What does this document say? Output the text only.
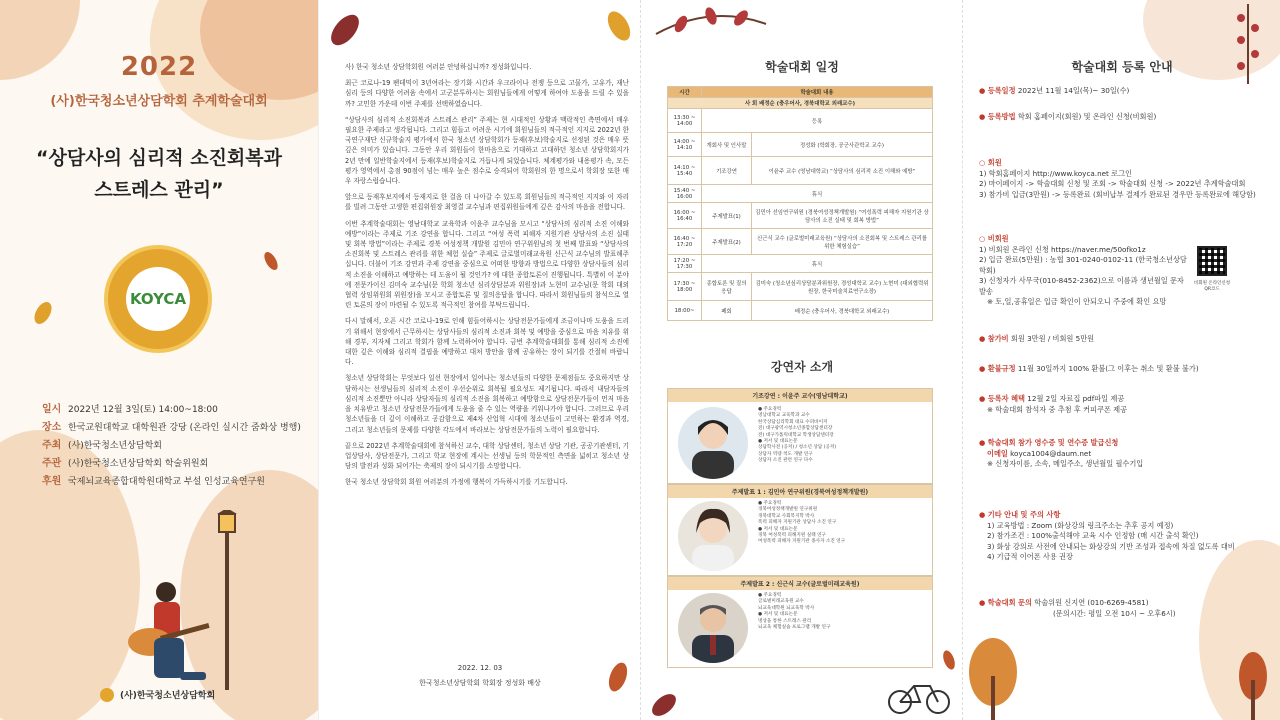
2022
(사)한국청소년상담학회 추계학술대회
“상담사의 심리적 소진회복과
스트레스 관리”
KOYCA
일시 2022년 12월 3일(토) 14:00~18:00
장소 한국교원대학교 대학원관 강당 (온라인 실시간 줌화상 병행)
주최 (사)한국청소년상담학회
주관 (사)한국청소년상담학회 학술위원회
후원 국제뇌교육종합대학원대학교 부설 인성교육연구원
(사)한국청소년상담학회

사) 한국 청소년 상담학회원 여러분 안녕하십니까? 정성화입니다.

최근 코로나-19 팬데믹이 3년여라는 장기화 시간과 우크라이나 전쟁 등으로 고물가, 고유가, 재난 심리 등의 다양한 어려움 속에서 고군분투하시는 회원님들에게 어떻게 하여야 도움을 드릴 수 있을까? 고민한 가운데 이번 주제를 선택하였습니다.

“상담사의 심리적 소진회복과 스트레스 관리” 주제는 현 시대적인 상황과 맥락적인 측면에서 매우 필요한 주제라고 생각됩니다. 그리고 힘들고 어려운 시기에 회원님들의 적극적인 지지로 2022년 한국연구재단 신규학술지 평가에서 한국 청소년 상담학회가 등재(후보)학술지로 선정된 것은 매우 뜻깊은 의미가 있습니다. 그동안 우리 회원들이 한마음으로 기대하고 고대하던 청소년 상담학회지가 2년 만에 일반학술지에서 등재(후보)학술지로 거듭나게 되었습니다. 체계평가와 내용평가 속, 모든 평가 영역에서 총점 90점이 넘는 매우 높은 점수로 승격되어 학회원의 한 명으로서 학회장 또한 매우 자랑스럽습니다.

앞으로 등재후보지에서 등재지로 한 걸음 더 나아갈 수 있도록 회원님들의 적극적인 지지와 이 자리를 빌려 그동안 고생한 편집위원장 최영결 교수님과 편집위원들에게 깊은 감사의 마음을 전합니다.

이번 추계학술대회는 영남대학교 교육학과 이윤주 교수님을 모시고 “상담사의 심리적 소진 이해와 예방”이라는 주제로 기조 강연을 합니다. 그리고 “여성 폭력 피해자 지원기관 상담사의 소진 실태 및 회복 방법”이라는 주제로 경북 여성정책 개발원 김민아 연구위원님의 첫 번째 발표와 “상담사의 소진회복 및 스트레스 관리를 위한 체험 실습” 주제로 글로벌미래교육원 신근식 교수님의 발표해주십니다. 더불어 기조 강연과 주제 강연을 중심으로 어떠한 방향과 방법으로 다양한 상담사들의 심리적 소진을 이해하고 예방하는 데 도움이 될 것인가? 에 대한 종합토론이 진행됩니다. 특별히 이 분야에 전문가이신 김미숙 교수님(문 학회 청소년 심리상담분과 위원장)과 노현미 교수님(문 학회 대외협력 상임위원회 위원장)을 모시고 종합토론 및 질의응답을 합니다. 따라서 회원님들의 참석으로 열린 토론의 장이 마련될 수 있도록 적극적인 참여를 부탁드립니다.

다시 말해서, 오픈 시간 코로나-19로 인해 힘들어하시는 상담전문가들에게 조금이나마 도움을 드리기 위해서 현장에서 근무하시는 상담사들의 심리적 소진과 회복 및 예방을 중심으로 마음 치유를 위해 경부, 지자체 그리고 학회가 함께 노력하여야 합니다. 금번 추계학술대회를 통해 심리적 소진에 대한 깊은 이해와 심리적 결핍을 예방하고 대처 방안을 함께 공유하는 장이 되기를 간절히 바랍니다.

청소년 상담학회는 무엇보다 일선 현장에서 일어나는 청소년들의 다양한 문제점들도 중요하지만 상담하시는 선생님들의 심리적 소진이 우선순위로 회복될 필요성도 제기됩니다. 따라서 내담자들의 심리적 소진뿐만 아니라 상담자들의 심리적 소진을 회복하고 예방함으로 상담전문가들이 먼저 마음을 치유받고 청소년 상담전문가들에게 도움을 줄 수 있는 역량을 키워나가야 합니다. 그러므로 우리 청소년들을 더 깊이 이해하고 공감함으로 제4차 산업혁 시대에 청소년들이 고민하는 환경과 역경, 그리고 청소년들의 문제를 다양한 각도에서 바라보는 상담전문가들의 노력이 필요합니다.

끝으로 2022년 추계학술대회에 참석하신 교수, 대학 상담센터, 청소년 상담 기관, 공공기관센터, 기업상담사, 상담전문가, 그리고 학교 현장에 계시는 선생님 등의 학문적인 측면을 넓히고 청소년 상담의 발전과 성화 되어가는 축제의 장이 되시기를 소망합니다.

한국 청소년 상담학회 회원 여러분의 가정에 행복이 가득하시기를 기도합니다.

2022. 12. 03
한국청소년상담학회 학회장 정성화 배상
학술대회 일정
시간	학술대회 내용	
사 회 배정순 (충우어사, 경북대학교 외래교수)		
13:30 ~ 14:00	등록	
14:00 ~ 14:10	개회사 및 인사말	정성화 (학회장, 공군사관학교 교수)
14:10 ~ 15:40	기조강연	이윤주 교수 (영남대학교) “상담사의 심리적 소진 이해와 예방”
15:40 ~ 16:00	휴식	
16:00 ~ 16:40	주제발표(1)	김민아 선임연구위원 (경북여성정책개발원) “여성폭력 피해자 지원기관 상담사의 소진 실태 및 회복 방법”
16:40 ~ 17:20	주제발표(2)	신근식 교수 (글로벌미래교육원) “상담사의 소진회복 및 스트레스 관리를 위한 체험실습”
17:20 ~ 17:30	휴식	
17:30 ~ 18:00	종합토론 및 질의응답	김미숙 (청소년심리상담분과위원장, 경성대학교 교수) 노현미 (대외협력위원장, 한국미술치료연구소장)
18:00~	폐회	배정순 (충우어사, 경북대학교 외래교수)
강연자 소개
기조강연 : 이윤주 교수(영남대학교)
● 주요경력
영남대학교 교육학과 교수
한국상담심리학회 대표 수퍼바이저
전) 대구광역시청소년종합상담센터장
전) 대구가톨릭대학교 학생상담센터장
● 저서 및 대표논문
상담학사전 (공저) / 청소년 상담 (공저)
상담자 역량 척도 개발 연구
상담자 소진 관련 연구 다수
주제발표 1 : 김민아 연구위원(경북여성정책개발원)
● 주요경력
경북여성정책개발원 연구위원
경북대학교 사회복지학 박사
폭력 피해자 지원기관 상담사 소진 연구
● 저서 및 대표논문
경북 여성폭력 피해지원 실태 연구
여성폭력 피해자 지원기관 종사자 소진 연구
주제발표 2 : 신근식 교수(글로벌미래교육원)
● 주요경력
글로벌미래교육원 교수
뇌교육대학원 뇌교육학 박사
● 저서 및 대표논문
명상을 통한 스트레스 관리
뇌교육 체험실습 프로그램 개발 연구
학술대회 등록 안내
● 등록일정 2022년 11월 14일(목)~ 30일(수)
● 등록방법 학회 홈페이지(회원) 및 온라인 신청(비회원)
○ 회원
1) 학회홈페이지 http://www.koyca.net 로그인
2) 마이페이지 -> 학술대회 신청 및 조회 -> 학술대회 신청 -> 2022년 추계학술대회
3) 참가비 입금(3만원) -> 등록완료 (회비납부 결제가 완료된 경우만 등록완료에 해당함)
○ 비회원
1) 비회원 온라인 신청 https://naver.me/50ofko1z
2) 입금 완료(5만원) : 농협 301-0240-0102-11 (한국청소년상담학회)
3) 신청자가 사무국(010-8452-2362)으로 이름과 생년월일 문자 발송
※ 토,일,공휴일은 입금 확인이 안되오니 주중에 확인 요망
비회원 온라인신청 QR코드
● 참가비 회원 3만원 / 비회원 5만원
● 환불규정 11월 30일까지 100% 환불(그 이후는 취소 및 환불 불가)
● 등록자 혜택 12월 2일 자료집 pdf파일 제공
※ 학술대회 참석자 중 추첨 후 커피쿠폰 제공
● 학술대회 참가 영수증 및 연수증 발급신청
이메일 koyca1004@daum.net
※ 신청자이름, 소속, 메일주소, 생년월일 필수기입
● 기타 안내 및 주의 사항
1) 교육방법 : Zoom (화상강의 링크주소는 추후 공지 예정)
2) 참가조건 : 100%출석해야 교육 시수 인정함 (매 시간 출석 확인)
3) 화상 강의로 사전에 안내되는 화상강의 기반 조성과 접속에 차질 없도록 대비
4) 기급적 이어폰 사용 권장
● 학술대회 문의 학술위원 신지연 (010-6269-4581)
(문의시간: 평일 오전 10시 ~ 오후6시)
